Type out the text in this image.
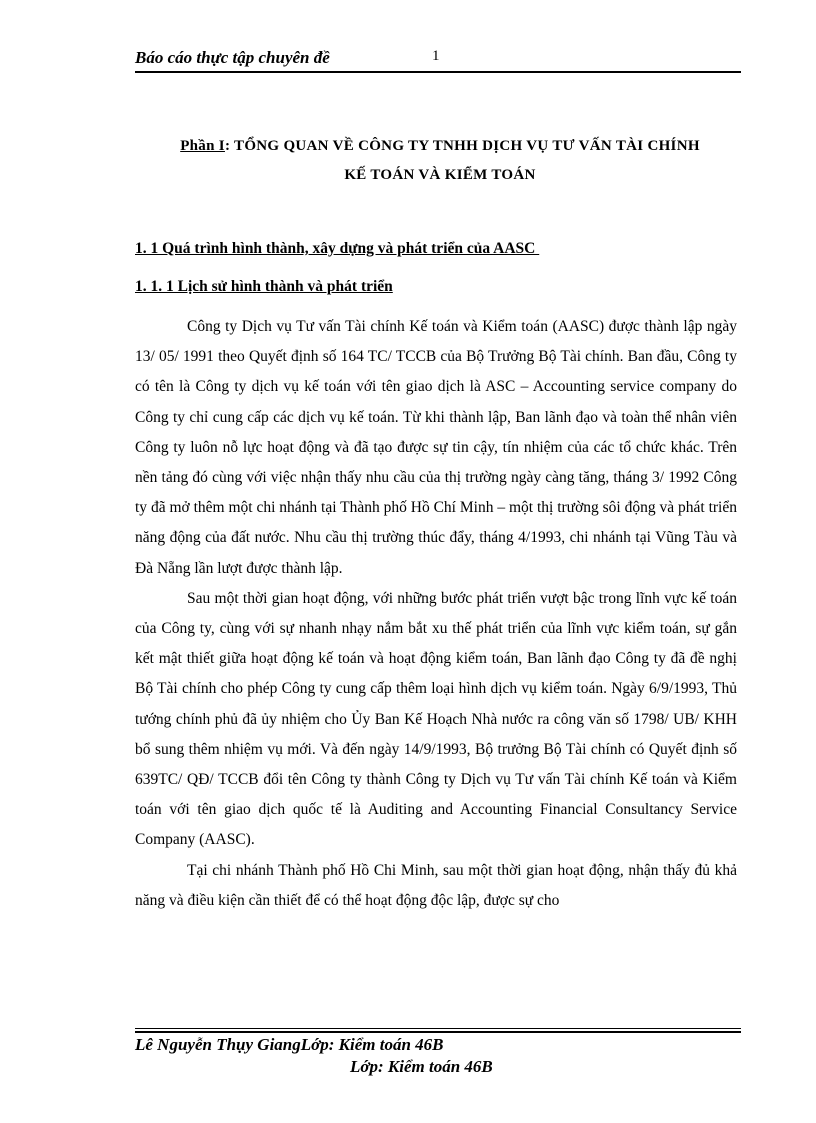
Báo cáo thực tập chuyên đề	1
Phần I: TỔNG QUAN VỀ CÔNG TY TNHH DỊCH VỤ TƯ VẤN TÀI CHÍNH
KẾ TOÁN VÀ KIỂM TOÁN
1. 1 Quá trình hình thành, xây dựng và phát triển của AASC
1. 1. 1 Lịch sử hình thành và phát triển

Công ty Dịch vụ Tư vấn Tài chính Kế toán và Kiểm toán (AASC) được thành lập ngày 13/ 05/ 1991 theo Quyết định số 164 TC/ TCCB của Bộ Trưởng Bộ Tài chính. Ban đầu, Công ty có tên là Công ty dịch vụ kế toán với tên giao dịch là ASC – Accounting service company do Công ty chỉ cung cấp các dịch vụ kế toán. Từ khi thành lập, Ban lãnh đạo và toàn thể nhân viên Công ty luôn nỗ lực hoạt động và đã tạo được sự tin cậy, tín nhiệm của các tổ chức khác. Trên nền tảng đó cùng với việc nhận thấy nhu cầu của thị trường ngày càng tăng, tháng 3/ 1992 Công ty đã mở thêm một chi nhánh tại Thành phố Hồ Chí Minh – một thị trường sôi động và phát triển năng động của đất nước. Nhu cầu thị trường thúc đẩy, tháng 4/1993, chi nhánh tại Vũng Tàu và Đà Nẵng lần lượt được thành lập.

Sau một thời gian hoạt động, với những bước phát triển vượt bậc trong lĩnh vực kế toán của Công ty, cùng với sự nhanh nhạy nắm bắt xu thế phát triển của lĩnh vực kiểm toán, sự gắn kết mật thiết giữa hoạt động kế toán và hoạt động kiểm toán, Ban lãnh đạo Công ty đã đề nghị Bộ Tài chính cho phép Công ty cung cấp thêm loại hình dịch vụ kiểm toán. Ngày 6/9/1993, Thủ tướng chính phủ đã ủy nhiệm cho Ủy Ban Kế Hoạch Nhà nước ra công văn số 1798/ UB/ KHH bổ sung thêm nhiệm vụ mới. Và đến ngày 14/9/1993, Bộ trưởng Bộ Tài chính có Quyết định số 639TC/ QĐ/ TCCB đổi tên Công ty thành Công ty Dịch vụ Tư vấn Tài chính Kế toán và Kiểm toán với tên giao dịch quốc tế là Auditing and Accounting Financial Consultancy Service Company (AASC).

Tại chi nhánh Thành phố Hồ Chi Minh, sau một thời gian hoạt động, nhận thấy đủ khả năng và điều kiện cần thiết để có thể hoạt động độc lập, được sự cho

Lê Nguyễn Thụy GiangLớp: Kiểm toán 46B
Lớp: Kiểm toán 46B
